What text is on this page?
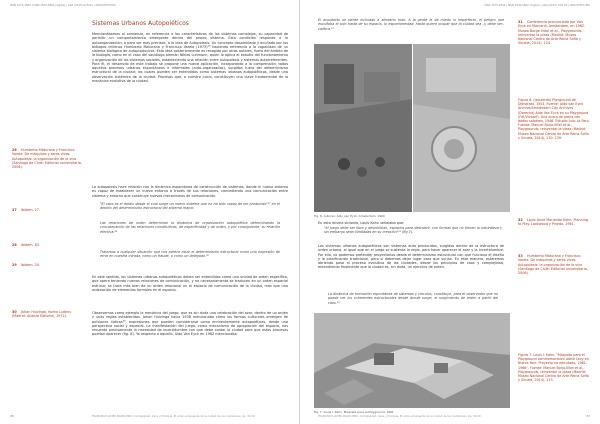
ISSN 1575-2844 | ISSN 2530-5662 (digital) | A&P (2015) SYN 03 | ARQUITECTURA
Sistemas Urbanos Autopoiéticos
Mencionábamos al comienzo, en referencia a las características de los sistemas complejos, su capacidad de permitir un comportamiento emergente dentro del propio sistema. Esta condición responde a la autoorganización, o para ser más precisos, a la idea de Autopoiesis. Un concepto desarrollado y acuñado por los biólogos chilenos Humberto Maturana y Francisco Varela (1973)²⁶ haciendo referencia a la capacidad de un sistema biológico de autoproducirse. Esta idea posteriormente es recogida por otros autores, fuera del ámbito de la biología, como en el caso del sociólogo alemán Niklas Luhmann, quien lo aplica al estudio del funcionamiento y organización de los sistemas sociales, estableciendo una relación entre autopoiesis y sistemas autorreferentes. Para él, el desarrollo de este trabajo se propone una nueva aplicación, incorporando a la comprensión, todos aquellos procesos urbanos espontáneos e informales (auto-organizados), surgidos fuera del determinismo estructural de la ciudad; los cuales pueden ser entendidos como sistemas urbanos autopoiéticos, desde una observación sistémica de la ciudad. Procesos que, a nuestro juicio, constituyen una clave fundamental de la mecánica evolutiva de la ciudad.
26 Humberto Maturana y Francisco Varela. De máquinas y seres vivos. Autopoiesis: la organización de lo vivo (Santiago de Chile: Editorial universitaria, 2006).
La autopoiesis hace relación con la dinámica espontánea de construcción de sistemas, donde el nuevo sistema es capaz de establecer un nuevo entorno a través de sus relaciones, concediendo una comunicación entre sistema y entorno que construye nuevos mecanismos de comunicación.
"El caos es el medio desde el cual surge un nuevo sistema que no ha sido capaz de ser producido"²⁷ en el ámbito del determinismo estructural del sistema mayor.
27 Ibídem, 27.
Las relaciones de orden determinan la dinámica de organización autopoiética determinando la concatenación de las relaciones constitutivas, de especificidad y de orden, y por consiguiente, su relación efectiva.²⁸
Tratamos a cualquier situación que nos parece estar el determinismo estructural como una expresión de errar en nuestra mirada, como un fraude, o como un delegado.²⁹
28 Ibídem, 83.
29 Ibídem, 24.
En este sentido, los sistemas urbanos autopoiéticos deben ser entendidos como una unidad de orden específica, que opera teniendo nuevas relaciones de comunicación, y no necesariamente se traducen en un orden espacial estricto; se trata más bien de un orden relacional en el espacio de comunicación de la ciudad, más que una ordenación de elementos formales en el espacio.
30 Johan Huizinga, Homo Ludens (Madrid: Alianza Editorial, 1972).
Observemos como ejemplo la mecánica del juego, que es sin duda una celebración del azar, dentro de un orden y unas reglas establecidas. Johan Huizinga hacia 1938 mencionaba cómo los formas culturales emergen de pulsiones lúdicas³⁰, expresiones que pueden considerarse como eminentemente autopoiéticas, desde una perspectiva social y espacial. La manifestación del juego, como mecanismo de apropiación del espacio, nos recuerda precisamente la necesidad de incertidumbre con que debe contar la ciudad para que estos procesos puedan aparecer (fig. 8). Ya respecto a aquello, Aldo Van Eyck en 1962 mencionaba:
36	FRANCISCO JAVIER PAVAN PINO. Complejidad, Caos y Entropía. El orden emergente de la ciudad de los ciudadanos, pp. 30-39
ISSN 1575-2844 | ISSN 2530-5662 (digital) | A&P (2015) SYN 03 | ARQUITECTURA
El arquitecto se siente inclinado a alinearlo todo. A la gente le da miedo lo imperfecto, el peligro que escoltaba el solo hasta de su espacio, lo espontaneidad: hasta quiere ocupar que la ciudad sea –y debe ser– caótica.³¹
Fig. 8. Autores: Aldo van Eyck. Amsterdam. 1960
En esta misma sintonía, Louis Kahn señalaba que:
"el juego debe ser libre y desinhibido, espacios para descubrir, con formas que no tienen la naturaleza y sin embargo sean ilimitadas en su creación"³² (fig.7).
Los sistemas urbanos autopoiéticos son sistemas auto producidos, surgidos dentro de la estructura de orden urbano, al igual que en el juego se sustenta la regla, para hacer aparecer el azar y la incertidumbre. Por ello, no podemos pretender proyectarlos desde el determinismo estructural con que funciona el diseño y la planificación tradicional, pero sí debemos dejar lugar para que surjan. En este manera, estaremos abriendo paso al proceso evolutivo de las ciudades, desde los principios de caos y complejidad, entendiendo finalmente que la ciudad es, sin duda, un ejercicio de orden.
La dinámica de formación espontánea de sistemas y vínculos, constituye, para el observador que no puede ver los coherentes estructurales desde donde surge, el surgimiento de orden a partir del caos.³³
Fig. 7. Louis I. Kahn. Maqueta para el Playground. 1961
31 Conferencia pronunciada por Van Eyck en Marcardi, Amsterdam, en 1962. Museo Borge Vidal et al., Playgrounds: reinventar la plaza (Madrid: Museo Nacional Centro de Arte Reina Sofía y Siruela, 2014), 124.
Figura 8. (Izquierda) Playground de Dijkstraat, 1954. Fuente: Aldo van Eyck Archive/Amsterdam City Archives (Derecha) Aldo Van Eyck en su Playground (Fdt/Vivaart). Una acera de arena con dados salobres, 1946. Estudio Julio La Paro. Fuente: Manuel Borja-Villel et al., Playgrounds: reinventar la plaza (Madrid: Museo Nacional Centro de Arte Reina Sofía y Siruela, 2014), 130, 139.
32 Louis Anne Moriondo Kahn. Planning to Play. Lookwood y Pinedo. 1961.
33 Humberto Maturana y Francisco Varela. De máquinas y seres vivos. Autopoiesis: la organización de lo vivo (Santiago de Chile: Editorial universitaria, 2006).
Figura 7. Louis I. Kahn. "Maqueta para el Playground commemorativo Adele Levy en Nueva York. Proyecto no ejecutado, 1961-1966". Fuente: Manuel Borja-Villel et al., Playgrounds, reinventar la plaza (Madrid: Museo Nacional Centro de Arte Reina Sofía y Siruela, 2014), 113.
FRANCISCO JAVIER PAVAN PINO. Complejidad, Caos y Entropía. El orden emergente de la ciudad de los ciudadanos, pp. 30-39	37
